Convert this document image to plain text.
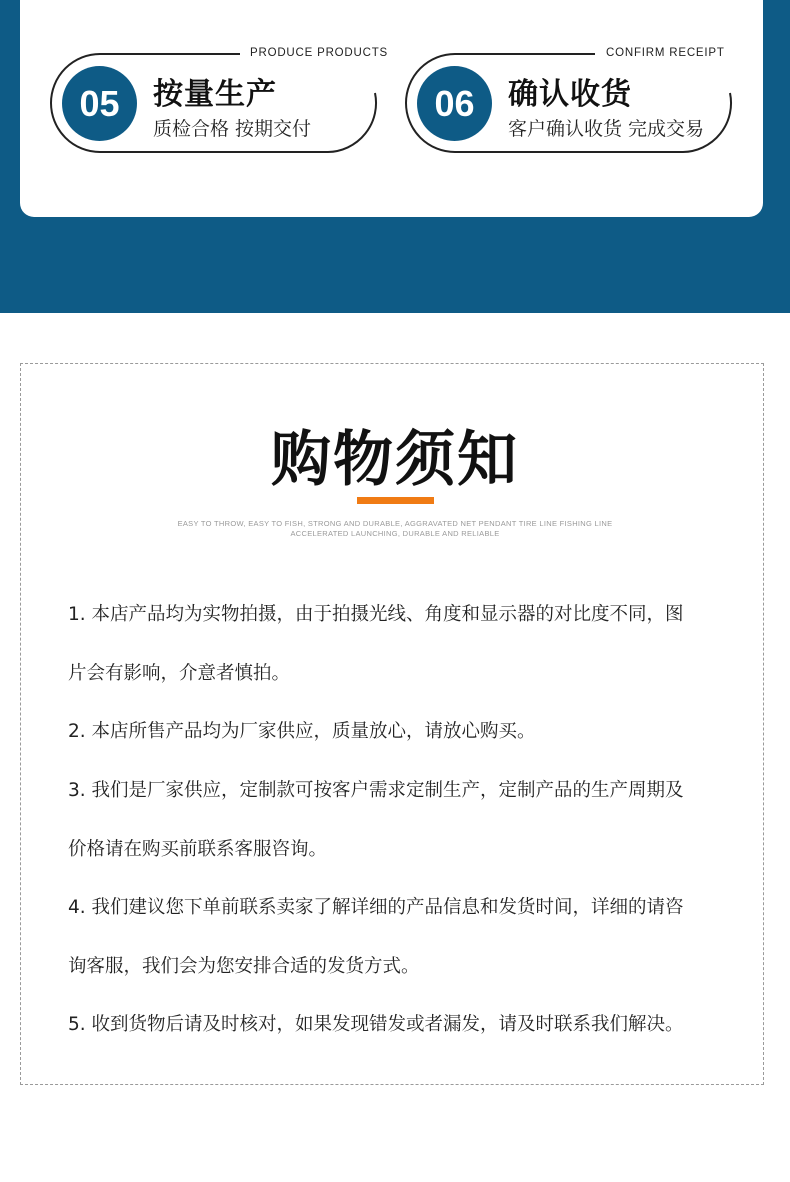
05	按量生产
质检合格 按期交付
PRODUCE PRODUCTS
06	确认收货
客户确认收货 完成交易
CONFIRM RECEIPT
购物须知
EASY TO THROW, EASY TO FISH, STRONG AND DURABLE, AGGRAVATED NET PENDANT TIRE LINE FISHING LINE
ACCELERATED LAUNCHING, DURABLE AND RELIABLE
1. 本店产品均为实物拍摄，由于拍摄光线、角度和显示器的对比度不同，图
片会有影响，介意者慎拍。
2. 本店所售产品均为厂家供应，质量放心，请放心购买。
3. 我们是厂家供应，定制款可按客户需求定制生产，定制产品的生产周期及
价格请在购买前联系客服咨询。
4. 我们建议您下单前联系卖家了解详细的产品信息和发货时间，详细的请咨
询客服，我们会为您安排合适的发货方式。
5. 收到货物后请及时核对，如果发现错发或者漏发，请及时联系我们解决。
